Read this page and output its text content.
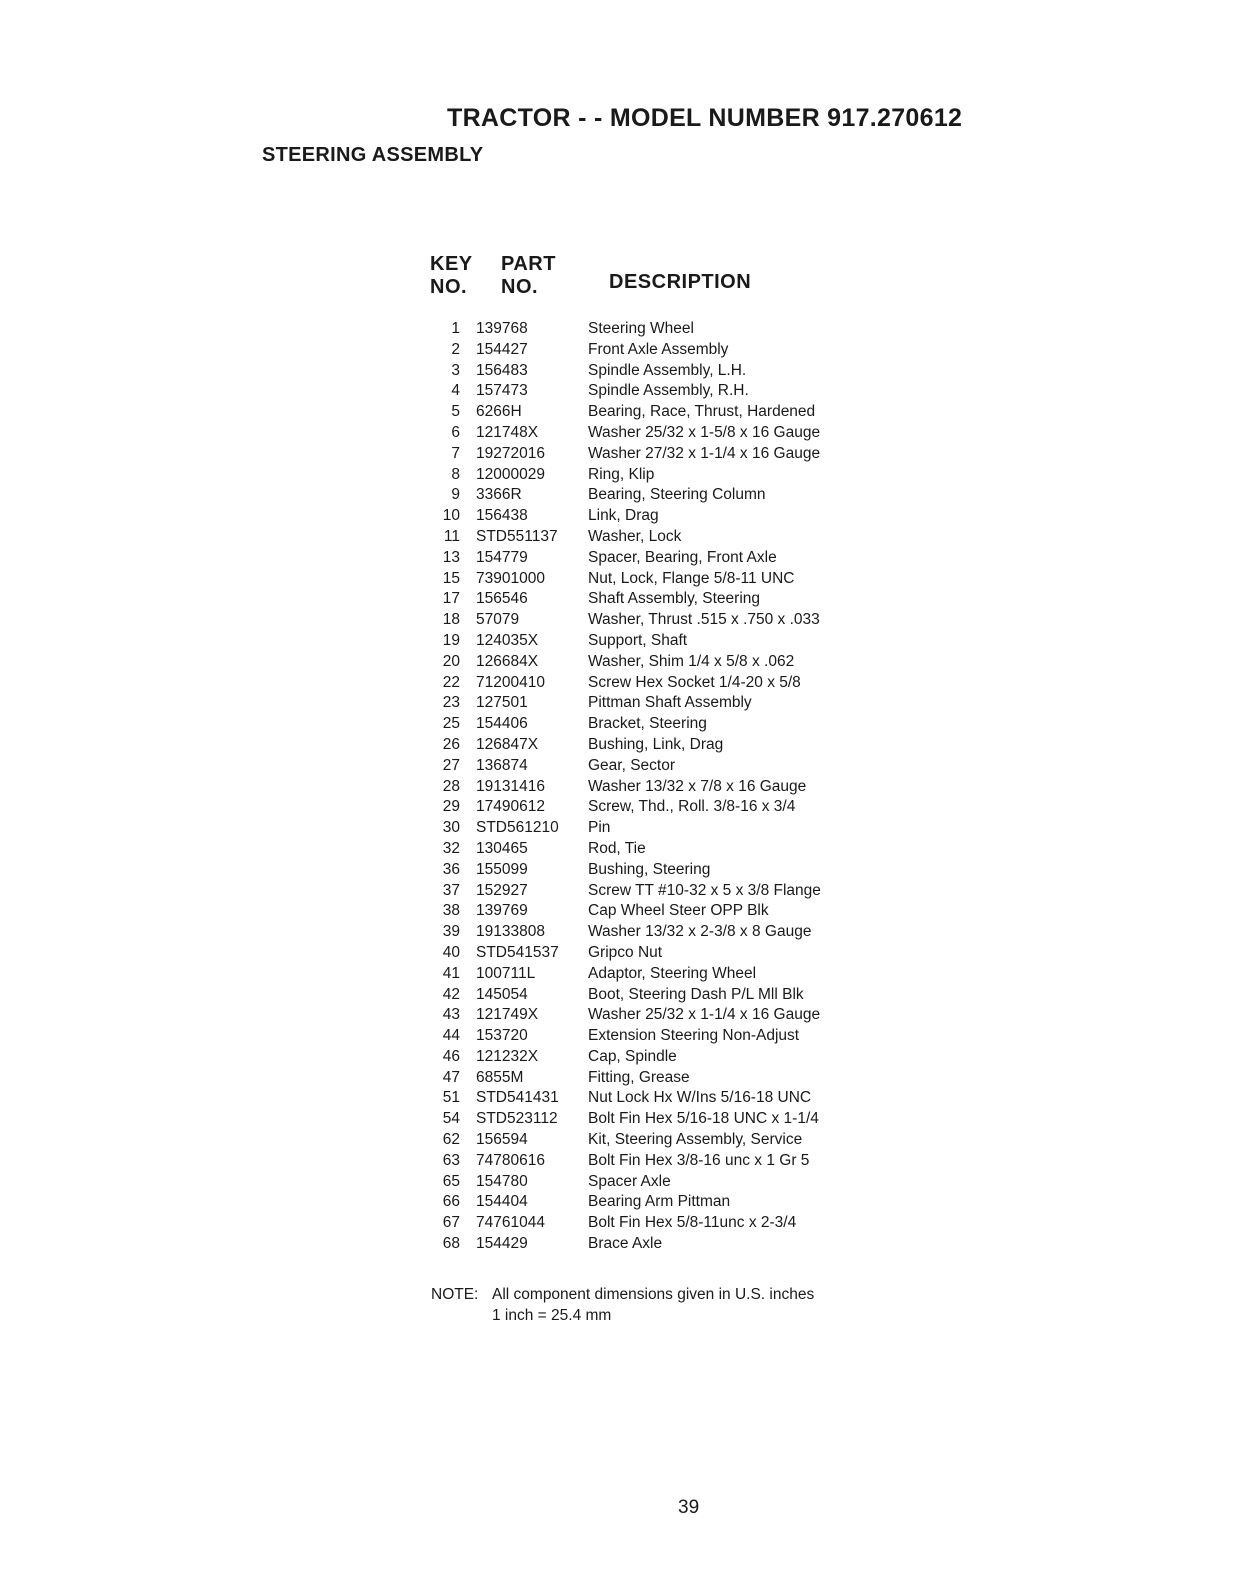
TRACTOR - - MODEL NUMBER 917.270612
STEERING ASSEMBLY
KEY
NO.
PART
NO.	DESCRIPTION
1	139768	Steering Wheel
2	154427	Front Axle Assembly
3	156483	Spindle Assembly, L.H.
4	157473	Spindle Assembly, R.H.
5	6266H	Bearing, Race, Thrust, Hardened
6	121748X	Washer 25/32 x 1-5/8 x 16 Gauge
7	19272016	Washer 27/32 x 1-1/4 x 16 Gauge
8	12000029	Ring, Klip
9	3366R	Bearing, Steering Column
10	156438	Link, Drag
11	STD551137	Washer, Lock
13	154779	Spacer, Bearing, Front Axle
15	73901000	Nut, Lock, Flange 5/8-11 UNC
17	156546	Shaft Assembly, Steering
18	57079	Washer, Thrust .515 x .750 x .033
19	124035X	Support, Shaft
20	126684X	Washer, Shim 1/4 x 5/8 x .062
22	71200410	Screw Hex Socket 1/4-20 x 5/8
23	127501	Pittman Shaft Assembly
25	154406	Bracket, Steering
26	126847X	Bushing, Link, Drag
27	136874	Gear, Sector
28	19131416	Washer 13/32 x 7/8 x 16 Gauge
29	17490612	Screw, Thd., Roll. 3/8-16 x 3/4
30	STD561210	Pin
32	130465	Rod, Tie
36	155099	Bushing, Steering
37	152927	Screw TT #10-32 x 5 x 3/8 Flange
38	139769	Cap Wheel Steer OPP Blk
39	19133808	Washer 13/32 x 2-3/8 x 8 Gauge
40	STD541537	Gripco Nut
41	100711L	Adaptor, Steering Wheel
42	145054	Boot, Steering Dash P/L Mll Blk
43	121749X	Washer 25/32 x 1-1/4 x 16 Gauge
44	153720	Extension Steering Non-Adjust
46	121232X	Cap, Spindle
47	6855M	Fitting, Grease
51	STD541431	Nut Lock Hx W/Ins 5/16-18 UNC
54	STD523112	Bolt Fin Hex 5/16-18 UNC x 1-1/4
62	156594	Kit, Steering Assembly, Service
63	74780616	Bolt Fin Hex 3/8-16 unc x 1 Gr 5
65	154780	Spacer Axle
66	154404	Bearing Arm Pittman
67	74761044	Bolt Fin Hex 5/8-11unc x 2-3/4
68	154429	Brace Axle
NOTE: All component dimensions given in U.S. inches
1 inch = 25.4 mm
39
